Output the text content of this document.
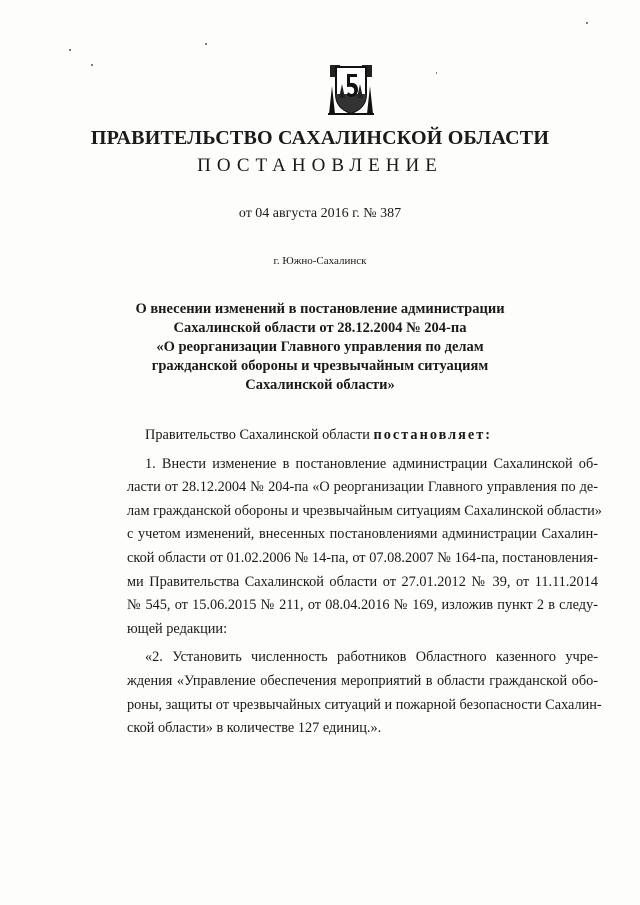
ПРАВИТЕЛЬСТВО САХАЛИНСКОЙ ОБЛАСТИ
ПОСТАНОВЛЕНИЕ
от 04 августа 2016 г. № 387
г. Южно-Сахалинск
О внесении изменений в постановление администрации
Сахалинской области от 28.12.2004 № 204-па
«О реорганизации Главного управления по делам
гражданской обороны и чрезвычайным ситуациям
Сахалинской области»
Правительство Сахалинской области постановляет:
1. Внести изменение в постановление администрации Сахалинской об-
ласти от 28.12.2004 № 204-па «О реорганизации Главного управления по де-
лам гражданской обороны и чрезвычайным ситуациям Сахалинской области»
с учетом изменений, внесенных постановлениями администрации Сахалин-
ской области от 01.02.2006 № 14-па, от 07.08.2007 № 164-па, постановления-
ми Правительства Сахалинской области от 27.01.2012 № 39, от 11.11.2014
№ 545, от 15.06.2015 № 211, от 08.04.2016 № 169, изложив пункт 2 в следу-
ющей редакции:
«2. Установить численность работников Областного казенного учре-
ждения «Управление обеспечения мероприятий в области гражданской обо-
роны, защиты от чрезвычайных ситуаций и пожарной безопасности Сахалин-
ской области» в количестве 127 единиц.».
